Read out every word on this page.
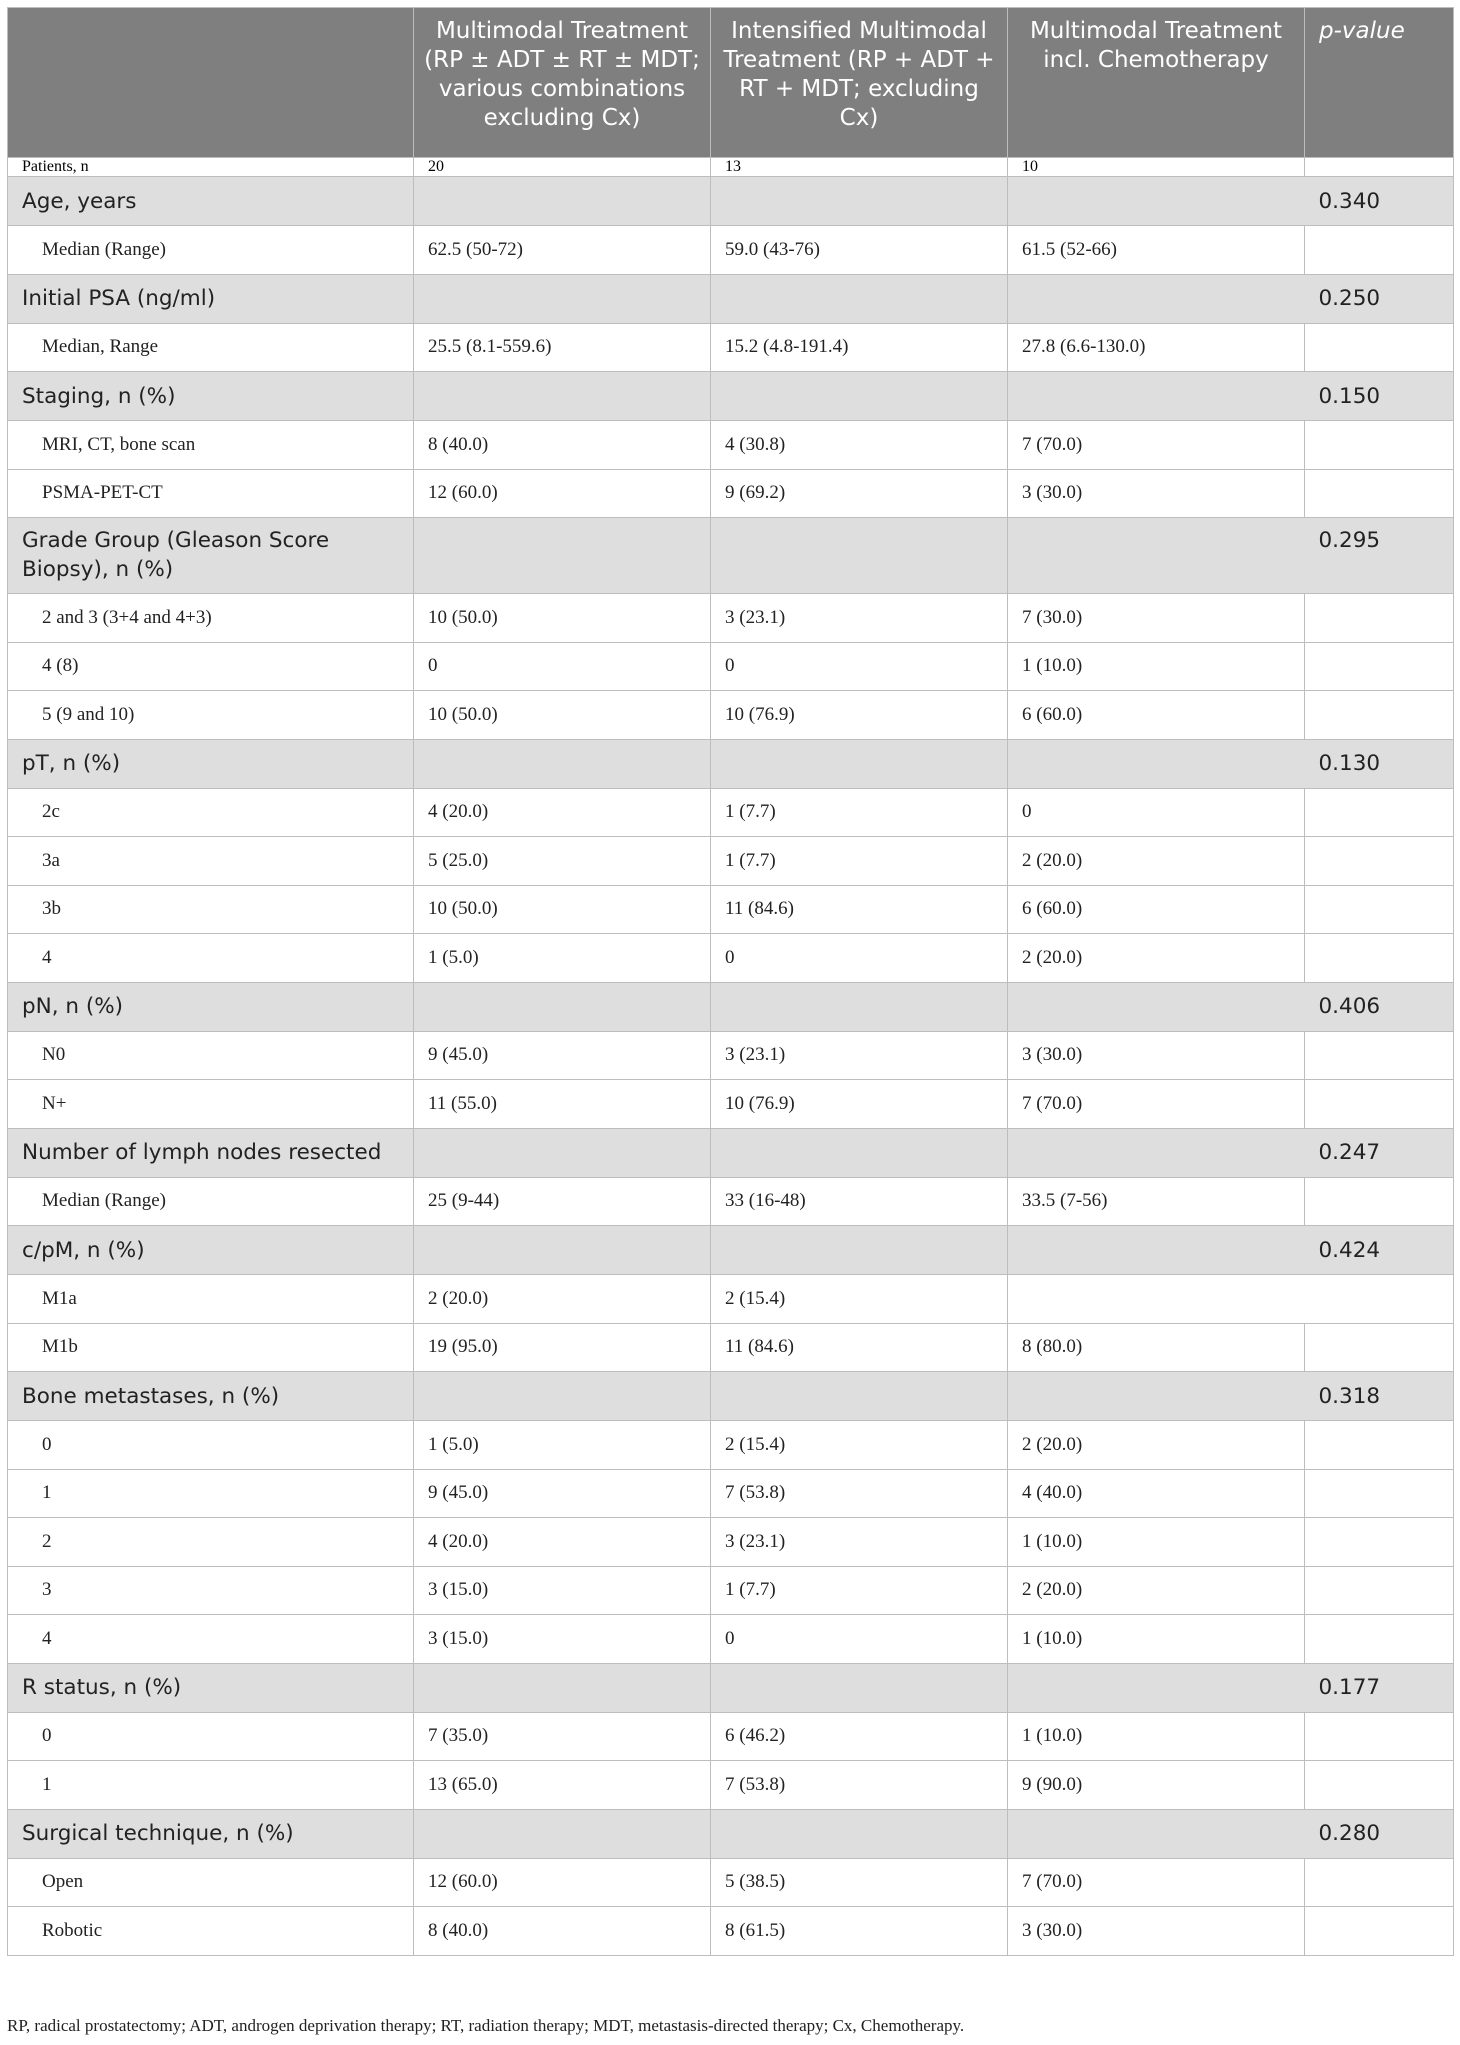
	Multimodal Treatment (RP ± ADT ± RT ± MDT; various combinations excluding Cx)	Intensified Multimodal Treatment (RP + ADT + RT + MDT; excluding Cx)	Multimodal Treatment incl. Chemotherapy	p-value
Patients, n	20	13	10	
Age, years				0.340
Median (Range)	62.5 (50-72)	59.0 (43-76)	61.5 (52-66)	
Initial PSA (ng/ml)				0.250
Median, Range	25.5 (8.1-559.6)	15.2 (4.8-191.4)	27.8 (6.6-130.0)	
Staging, n (%)				0.150
MRI, CT, bone scan	8 (40.0)	4 (30.8)	7 (70.0)	
PSMA-PET-CT	12 (60.0)	9 (69.2)	3 (30.0)	
Grade Group (Gleason Score Biopsy), n (%)				0.295
2 and 3 (3+4 and 4+3)	10 (50.0)	3 (23.1)	7 (30.0)	
4 (8)	0	0	1 (10.0)	
5 (9 and 10)	10 (50.0)	10 (76.9)	6 (60.0)	
pT, n (%)				0.130
2c	4 (20.0)	1 (7.7)	0	
3a	5 (25.0)	1 (7.7)	2 (20.0)	
3b	10 (50.0)	11 (84.6)	6 (60.0)	
4	1 (5.0)	0	2 (20.0)	
pN, n (%)				0.406
N0	9 (45.0)	3 (23.1)	3 (30.0)	
N+	11 (55.0)	10 (76.9)	7 (70.0)	
Number of lymph nodes resected				0.247
Median (Range)	25 (9-44)	33 (16-48)	33.5 (7-56)	
c/pM, n (%)				0.424
M1a	2 (20.0)	2 (15.4)		
M1b	19 (95.0)	11 (84.6)	8 (80.0)	
Bone metastases, n (%)				0.318
0	1 (5.0)	2 (15.4)	2 (20.0)	
1	9 (45.0)	7 (53.8)	4 (40.0)	
2	4 (20.0)	3 (23.1)	1 (10.0)	
3	3 (15.0)	1 (7.7)	2 (20.0)	
4	3 (15.0)	0	1 (10.0)	
R status, n (%)				0.177
0	7 (35.0)	6 (46.2)	1 (10.0)	
1	13 (65.0)	7 (53.8)	9 (90.0)	
Surgical technique, n (%)				0.280
Open	12 (60.0)	5 (38.5)	7 (70.0)	
Robotic	8 (40.0)	8 (61.5)	3 (30.0)	
RP, radical prostatectomy; ADT, androgen deprivation therapy; RT, radiation therapy; MDT, metastasis-directed therapy; Cx, Chemotherapy.
